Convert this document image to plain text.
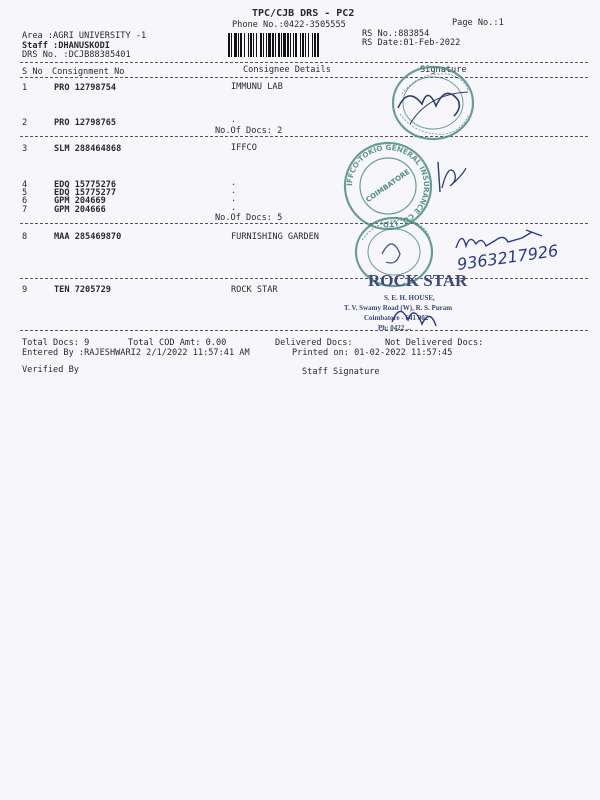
TPC/CJB DRS - PC2
Phone No.:0422-3505555	Page No.:1
Area :AGRI UNIVERSITY -1
Staff :DHANUSKODI
DRS No. :DCJB88385401
RS No.:883854
RS Date:01-Feb-2022
S No Consignment No	Consignee Details	Signature
1	PRO 12798754	IMMUNU LAB
2	PRO 12798765	.
No.Of Docs: 2
3	SLM 288464868	IFFCO
4	EDQ 15775276	.
5	EDQ 15775277	.
6	GPM 204669	.
7	GPM 204666	.
No.Of Docs: 5
8	MAA 285469870	FURNISHING GARDEN
9	TEN 7205729	ROCK STAR
Total Docs: 9	Total COD Amt: 0.00	Delivered Docs:	Not Delivered Docs:
Entered By :RAJESHWARI2 2/1/2022 11:57:41 AM	Printed on: 01-02-2022 11:57:45
Verified By	Staff Signature
IFFCO-TOKIO GENERAL INSURANCE CO. LTD.
COIMBATORE
9363217926
ROCK STAR
S. E. H. HOUSE,
T. V. Swamy Road (W), R. S. Puram
Coimbatore - 641 002
Ph: 0422 ...
